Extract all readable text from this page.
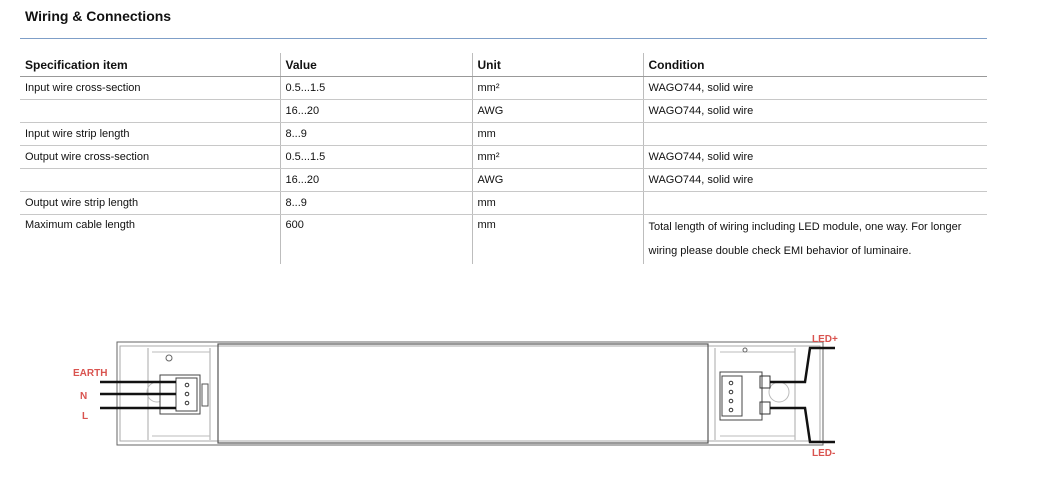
Wiring & Connections
Specification item	Value	Unit	Condition
Input wire cross-section	0.5...1.5	mm²	WAGO744, solid wire
	16...20	AWG	WAGO744, solid wire
Input wire strip length	8...9	mm	
Output wire cross-section	0.5...1.5	mm²	WAGO744, solid wire
	16...20	AWG	WAGO744, solid wire
Output wire strip length	8...9	mm	
Maximum cable length	600	mm	Total length of wiring including LED module, one way. For longer wiring please double check EMI behavior of luminaire.
EARTH
N
L
LED+
LED-
